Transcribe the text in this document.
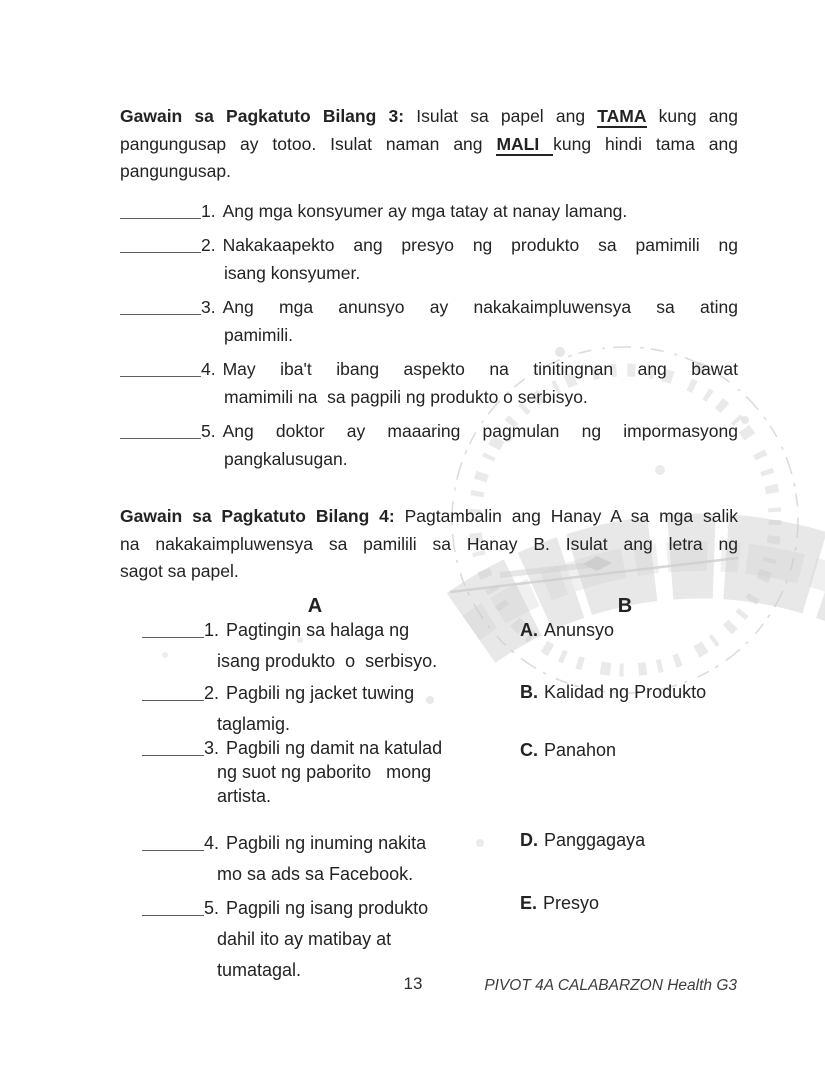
Gawain sa Pagkatuto Bilang 3: Isulat sa papel ang TAMA kung ang
pangungusap ay totoo. Isulat naman ang MALI kung hindi tama ang
pangungusap.

1. Ang mga konsyumer ay mga tatay at nanay lamang.
2. Nakakaapekto ang presyo ng produkto sa pamimili ng
isang konsyumer.
3. Ang mga anunsyo ay nakakaimpluwensya sa ating
pamimili.
4. May iba't ibang aspekto na tinitingnan ang bawat
mamimili na  sa pagpili ng produkto o serbisyo.
5. Ang doktor ay maaaring pagmulan ng impormasyong
pangkalusugan.

Gawain sa Pagkatuto Bilang 4: Pagtambalin ang Hanay A sa mga salik
na nakakaimpluwensya sa pamilili sa Hanay B. Isulat ang letra ng
sagot sa papel.

A	B
1. Pagtingin sa halaga ng
isang produkto  o  serbisyo.
2. Pagbili ng jacket tuwing
taglamig.
3. Pagbili ng damit na katulad
ng suot ng paborito   mong
artista.
4. Pagbili ng inuming nakita
mo sa ads sa Facebook.
5. Pagpili ng isang produkto
dahil ito ay matibay at
tumatagal.
A. Anunsyo
B. Kalidad ng Produkto
C. Panahon
D. Panggagaya
E. Presyo
13	PIVOT 4A CALABARZON Health G3
